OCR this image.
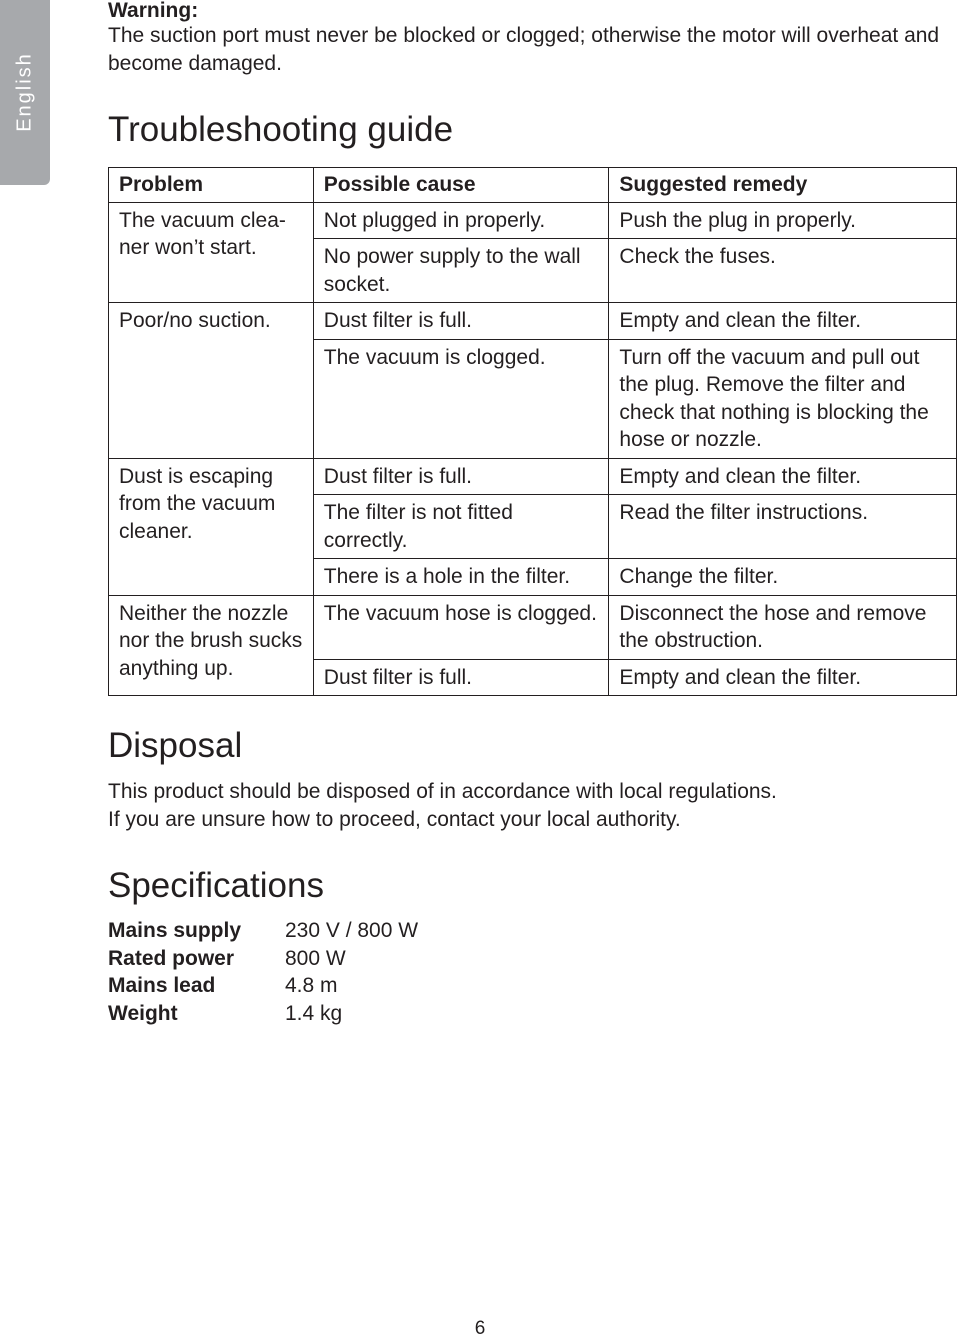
English

Warning:

The suction port must never be blocked or clogged; otherwise the motor will overheat and become damaged.

Troubleshooting guide
Problem	Possible cause	Suggested remedy
The vacuum clea-ner won’t start.	Not plugged in properly.	Push the plug in properly.
	No power supply to the wall socket.	Check the fuses.
Poor/no suction.	Dust filter is full.	Empty and clean the filter.
	The vacuum is clogged.	Turn off the vacuum and pull out the plug. Remove the filter and check that nothing is blocking the hose or nozzle.
Dust is escaping from the vacuum cleaner.	Dust filter is full.	Empty and clean the filter.
	The filter is not fitted correctly.	Read the filter instructions.
	There is a hole in the filter.	Change the filter.
Neither the nozzle nor the brush sucks anything up.	The vacuum hose is clogged.	Disconnect the hose and remove the obstruction.
	Dust filter is full.	Empty and clean the filter.
Disposal
This product should be disposed of in accordance with local regulations.
If you are unsure how to proceed, contact your local authority.
Specifications
Mains supply	230 V / 800 W
Rated power	800 W
Mains lead	4.8 m
Weight	1.4 kg
6
